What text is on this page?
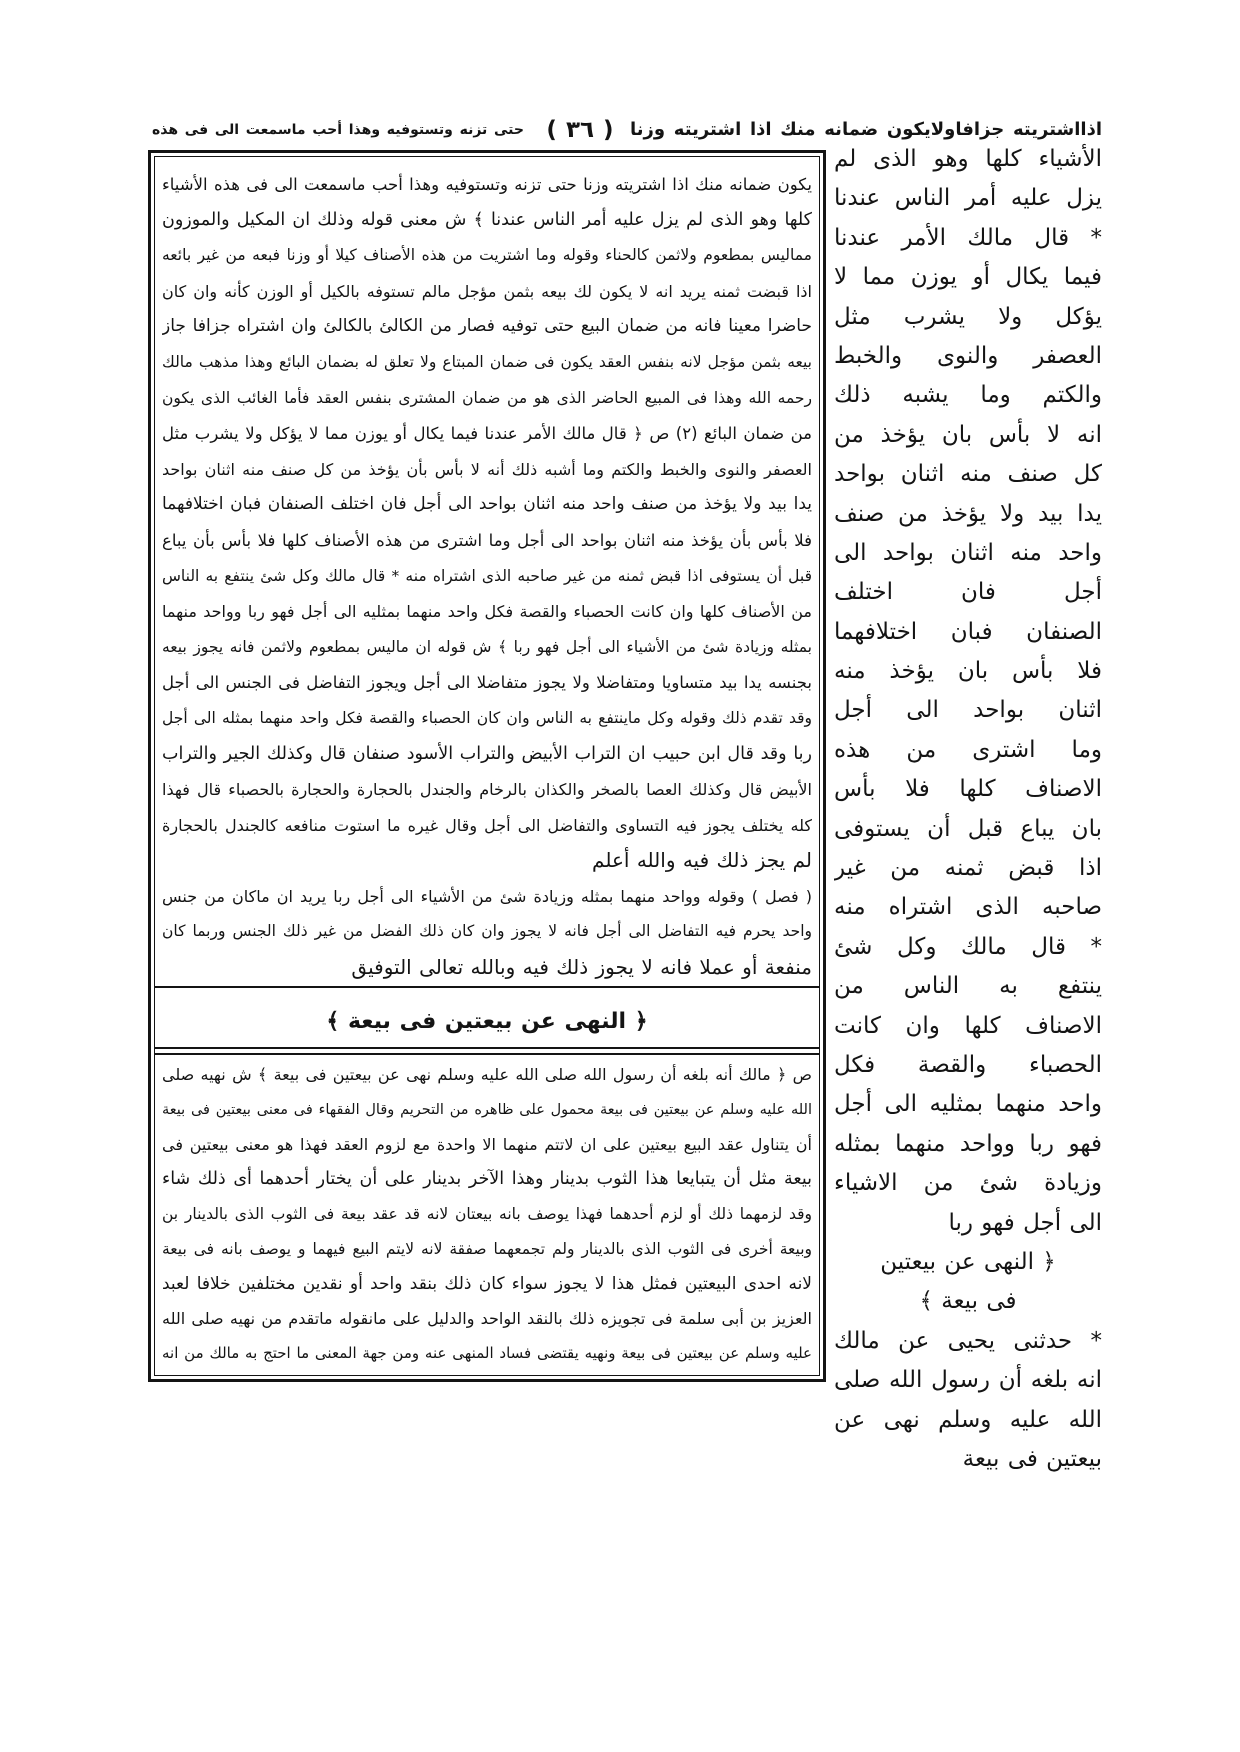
اذااشتريته جزافاولايكون ضمانه منك اذا اشتريته وزنا
( ٣٦ )
حتى تزنه وتستوفيه وهذا أحب ماسمعت الى فى هذه
يكون ضمانه منك اذا اشتريته وزنا حتى تزنه وتستوفيه وهذا أحب ماسمعت الى فى هذه الأشياء
كلها وهو الذى لم يزل عليه أمر الناس عندنا ﴾ ش معنى قوله وذلك ان المكيل والموزون
مماليس بمطعوم ولاثمن كالحناء وقوله وما اشتريت من هذه الأصناف كيلا أو وزنا فبعه من غير بائعه
اذا قبضت ثمنه يريد انه لا يكون لك بيعه بثمن مؤجل مالم تستوفه بالكيل أو الوزن كأنه وان كان
حاضرا معينا فانه من ضمان البيع حتى توفيه فصار من الكالئ بالكالئ وان اشتراه جزافا جاز
بيعه بثمن مؤجل لانه بنفس العقد يكون فى ضمان المبتاع ولا تعلق له بضمان البائع وهذا مذهب مالك
رحمه الله وهذا فى المبيع الحاضر الذى هو من ضمان المشترى بنفس العقد فأما الغائب الذى يكون
من ضمان البائع (٢) ص ﴿ قال مالك الأمر عندنا فيما يكال أو يوزن مما لا يؤكل ولا يشرب مثل
العصفر والنوى والخبط والكتم وما أشبه ذلك أنه لا بأس بأن يؤخذ من كل صنف منه اثنان بواحد
يدا بيد ولا يؤخذ من صنف واحد منه اثنان بواحد الى أجل فان اختلف الصنفان فبان اختلافهما
فلا بأس بأن يؤخذ منه اثنان بواحد الى أجل وما اشترى من هذه الأصناف كلها فلا بأس بأن يباع
قبل أن يستوفى اذا قبض ثمنه من غير صاحبه الذى اشتراه منه * قال مالك وكل شئ ينتفع به الناس
من الأصناف كلها وان كانت الحصباء والقصة فكل واحد منهما بمثليه الى أجل فهو ربا وواحد منهما
بمثله وزيادة شئ من الأشياء الى أجل فهو ربا ﴾ ش قوله ان ماليس بمطعوم ولاثمن فانه يجوز بيعه
بجنسه يدا بيد متساويا ومتفاضلا ولا يجوز متفاضلا الى أجل ويجوز التفاضل فى الجنس الى أجل
وقد تقدم ذلك وقوله وكل ماينتفع به الناس وان كان الحصباء والقصة فكل واحد منهما بمثله الى أجل
ربا وقد قال ابن حبيب ان التراب الأبيض والتراب الأسود صنفان قال وكذلك الجير والتراب
الأبيض قال وكذلك العصا بالصخر والكذان بالرخام والجندل بالحجارة والحجارة بالحصباء قال فهذا
كله يختلف يجوز فيه التساوى والتفاضل الى أجل وقال غيره ما استوت منافعه كالجندل بالحجارة
لم يجز ذلك فيه والله أعلم
( فصل ) وقوله وواحد منهما بمثله وزيادة شئ من الأشياء الى أجل ربا يريد ان ماكان من جنس
واحد يحرم فيه التفاضل الى أجل فانه لا يجوز وان كان ذلك الفضل من غير ذلك الجنس وربما كان
منفعة أو عملا فانه لا يجوز ذلك فيه وبالله تعالى التوفيق
﴿ النهى عن بيعتين فى بيعة ﴾
ص ﴿ مالك أنه بلغه أن رسول الله صلى الله عليه وسلم نهى عن بيعتين فى بيعة ﴾ ش نهيه صلى
الله عليه وسلم عن بيعتين فى بيعة محمول على ظاهره من التحريم وقال الفقهاء فى معنى بيعتين فى بيعة
أن يتناول عقد البيع بيعتين على ان لاتتم منهما الا واحدة مع لزوم العقد فهذا هو معنى بيعتين فى
بيعة مثل أن يتبايعا هذا الثوب بدينار وهذا الآخر بدينار على أن يختار أحدهما أى ذلك شاء
وقد لزمهما ذلك أو لزم أحدهما فهذا يوصف بانه بيعتان لانه قد عقد بيعة فى الثوب الذى بالدينار بن
وبيعة أخرى فى الثوب الذى بالدينار ولم تجمعهما صفقة لانه لايتم البيع فيهما و يوصف بانه فى بيعة
لانه احدى البيعتين فمثل هذا لا يجوز سواء كان ذلك بنقد واحد أو نقدين مختلفين خلافا لعبد
العزيز بن أبى سلمة فى تجويزه ذلك بالنقد الواحد والدليل على مانقوله ماتقدم من نهيه صلى الله
عليه وسلم عن بيعتين فى بيعة ونهيه يقتضى فساد المنهى عنه ومن جهة المعنى ما احتج به مالك من انه
الأشياء كلها وهو الذى لم
يزل عليه أمر الناس عندنا
* قال مالك الأمر عندنا
فيما يكال أو يوزن مما لا
يؤكل ولا يشرب مثل
العصفر والنوى والخبط
والكتم وما يشبه ذلك
انه لا بأس بان يؤخذ من
كل صنف منه اثنان بواحد
يدا بيد ولا يؤخذ من صنف
واحد منه اثنان بواحد الى
أجل فان اختلف
الصنفان فبان اختلافهما
فلا بأس بان يؤخذ منه
اثنان بواحد الى أجل
وما اشترى من هذه
الاصناف كلها فلا بأس
بان يباع قبل أن يستوفى
اذا قبض ثمنه من غير
صاحبه الذى اشتراه منه
* قال مالك وكل شئ
ينتفع به الناس من
الاصناف كلها وان كانت
الحصباء والقصة فكل
واحد منهما بمثليه الى أجل
فهو ربا وواحد منهما بمثله
وزيادة شئ من الاشياء
الى أجل فهو ربا
﴿ النهى عن بيعتين
فى بيعة ﴾
* حدثنى يحيى عن مالك
انه بلغه أن رسول الله صلى
الله عليه وسلم نهى عن
بيعتين فى بيعة
